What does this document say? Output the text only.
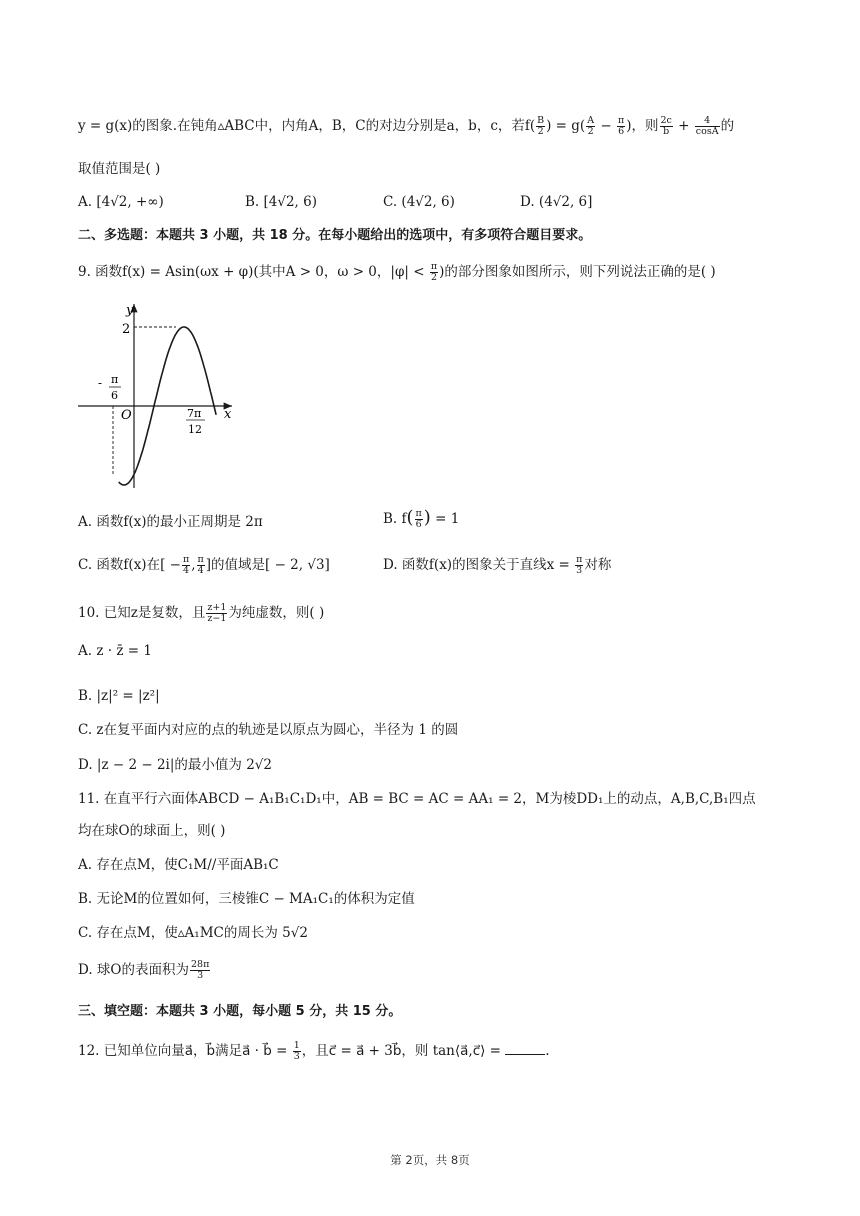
y = g(x)的图象.在钝角▵ABC中，内角A，B，C的对边分别是a，b，c，若$f( \frac{B}{2}$ ) = $g( \frac{A}{2} - \frac{\pi}{6}$ )，则 $\frac{2c}{b} + \frac{4}{\cos A}$ 的
取值范围是( )
A. [4√2, +∞)	B. [4√2, 6)	C. (4√2, 6)	D. (4√2, 6]
二、多选题：本题共 3 小题，共 18 分。在每小题给出的选项中，有多项符合题目要求。
9. 函数f(x) = Asin(ωx + φ)(其中A > 0，ω > 0，$|\varphi| < \frac{\pi}{2}$ )的部分图象如图所示，则下列说法正确的是( )
y
x
O
2
- π
6
7π
12
A. 函数f(x)的最小正周期是 2π	B. $f( \frac{\pi}{6}$ ) = 1
C. 函数f(x)在[ − $\frac{\pi}{4}$ , $\frac{\pi}{4}$ ]的值域是[ − 2, √3]	D. 函数f(x)的图象关于直线$x = \frac{\pi}{3}$ 对称
10. 已知z是复数，且 $\frac{z+1}{z-1}$ 为纯虚数，则( )
A. z · z̄ = 1
B. |z|² = |z²|
C. z在复平面内对应的点的轨迹是以原点为圆心，半径为 1 的圆
D. |z − 2 − 2i|的最小值为 2√2
11. 在直平行六面体ABCD − A₁B₁C₁D₁中，AB = BC = AC = AA₁ = 2，M为棱DD₁上的动点，A,B,C,B₁四点
均在球O的球面上，则( )
A. 存在点M，使C₁M//平面AB₁C
B. 无论M的位置如何，三棱锥C − MA₁C₁的体积为定值
C. 存在点M，使▵A₁MC的周长为 5√2
D. 球O的表面积为 $\frac{28\pi}{3}$
三、填空题：本题共 3 小题，每小题 5 分，共 15 分。
12. 已知单位向量a⃗，b⃗满足a⃗ · b⃗ = $\frac{1}{3}$ ，且c⃗ = a⃗ + 3b⃗，则 tan⟨a⃗,c⃗⟩ =	.
第 2页，共 8页
